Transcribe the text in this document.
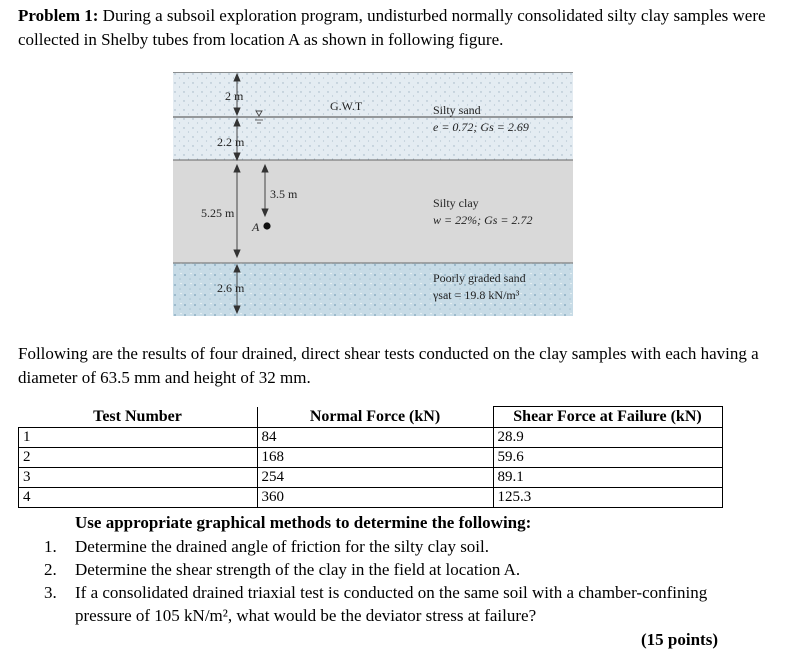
Problem 1: During a subsoil exploration program, undisturbed normally consolidated silty clay samples were collected in Shelby tubes from location A as shown in following figure.
G.W.T
2 m
2.2 m
3.5 m
5.25 m
2.6 m
A
Silty sand
e = 0.72; Gs = 2.69
Silty clay
w = 22%; Gs = 2.72
Poorly graded sand
γsat = 19.8 kN/m³
Following are the results of four drained, direct shear tests conducted on the clay samples with each having a diameter of 63.5 mm and height of 32 mm.
Test Number	Normal Force (kN)	Shear Force at Failure (kN)
1	84	28.9
2	168	59.6
3	254	89.1
4	360	125.3
Use appropriate graphical methods to determine the following:
1. Determine the drained angle of friction for the silty clay soil.
2. Determine the shear strength of the clay in the field at location A.
3. If a consolidated drained triaxial test is conducted on the same soil with a chamber-confining pressure of 105 kN/m², what would be the deviator stress at failure?
(15 points)
